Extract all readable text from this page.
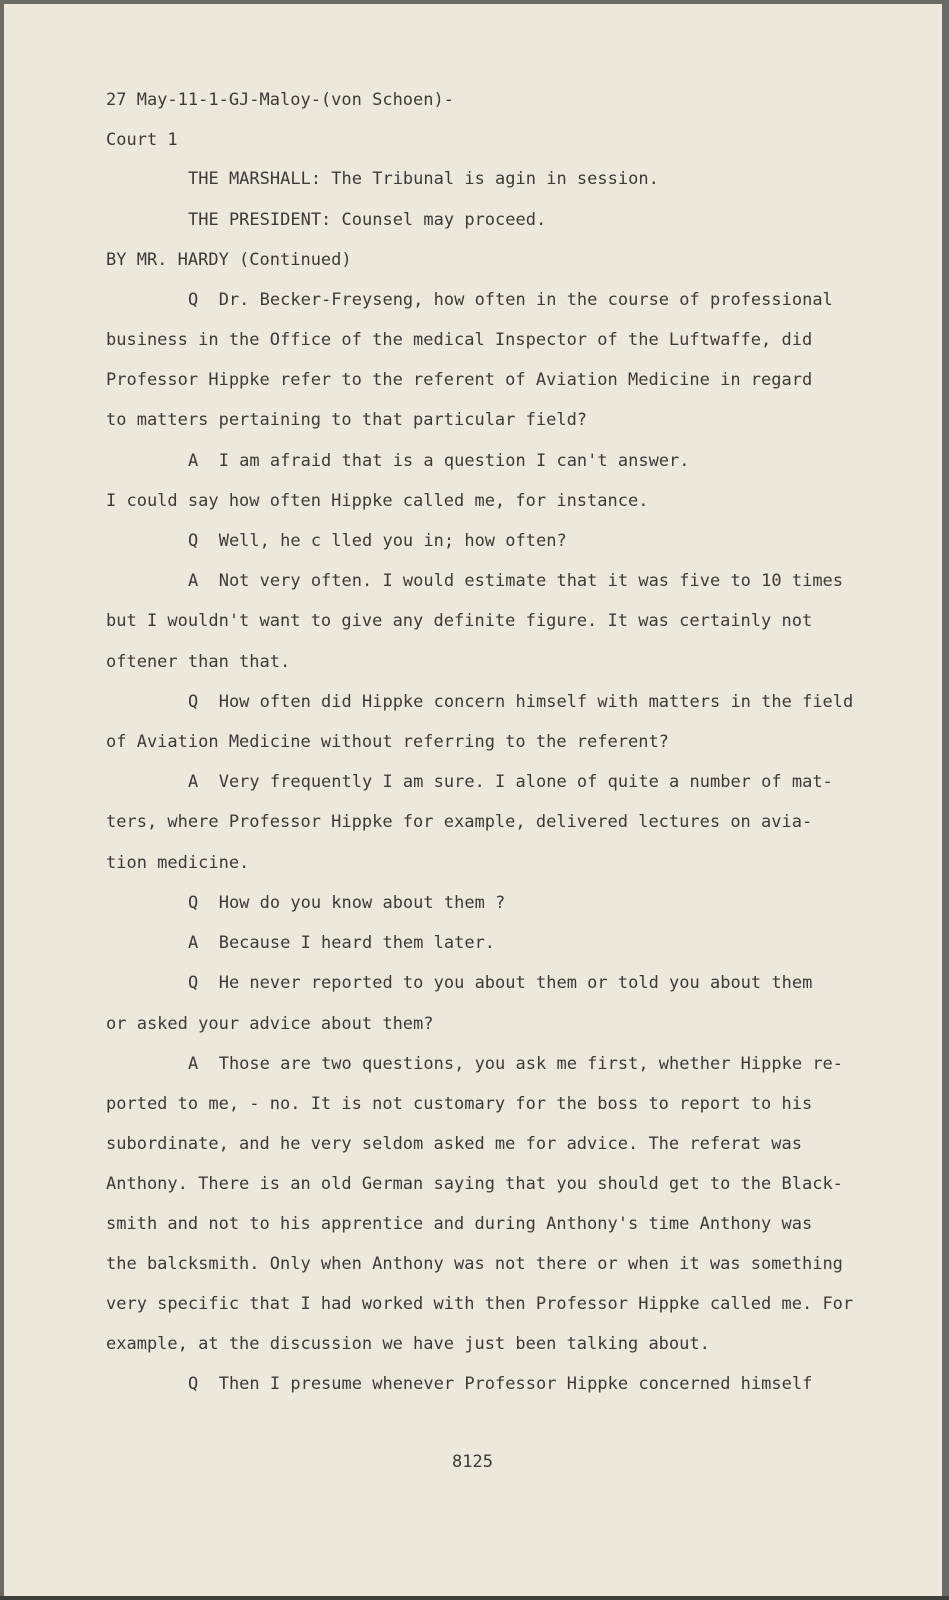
27 May-11-1-GJ-Maloy-(von Schoen)-
Court 1
THE MARSHALL: The Tribunal is agin in session.
THE PRESIDENT: Counsel may proceed.
BY MR. HARDY (Continued)
Q  Dr. Becker-Freyseng, how often in the course of professional
business in the Office of the medical Inspector of the Luftwaffe, did
Professor Hippke refer to the referent of Aviation Medicine in regard
to matters pertaining to that particular field?
A  I am afraid that is a question I can't answer.
I could say how often Hippke called me, for instance.
Q  Well, he c lled you in; how often?
A  Not very often. I would estimate that it was five to 10 times
but I wouldn't want to give any definite figure. It was certainly not
oftener than that.
Q  How often did Hippke concern himself with matters in the field
of Aviation Medicine without referring to the referent?
A  Very frequently I am sure. I alone of quite a number of mat-
ters, where Professor Hippke for example, delivered lectures on avia-
tion medicine.
Q  How do you know about them ?
A  Because I heard them later.
Q  He never reported to you about them or told you about them
or asked your advice about them?
A  Those are two questions, you ask me first, whether Hippke re-
ported to me, - no. It is not customary for the boss to report to his
subordinate, and he very seldom asked me for advice. The referat was
Anthony. There is an old German saying that you should get to the Black-
smith and not to his apprentice and during Anthony's time Anthony was
the balcksmith. Only when Anthony was not there or when it was something
very specific that I had worked with then Professor Hippke called me. For
example, at the discussion we have just been talking about.
Q  Then I presume whenever Professor Hippke concerned himself
8125
